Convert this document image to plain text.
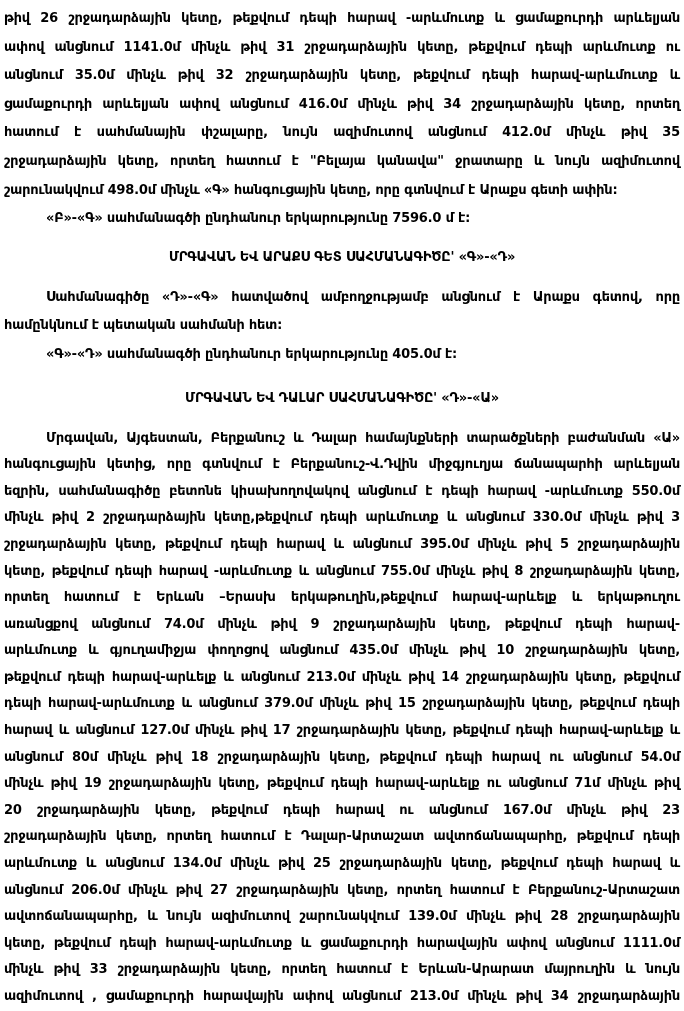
թիվ 26 շրջադարձային կետը, թեքվում դեպի հարավ -արևմուտք և ցամաքուրդի արևելյան
ափով անցնում 1141.0մ մինչև թիվ 31 շրջադարձային կետը, թեքվում դեպի արևմուտք ու
անցնում 35.0մ մինչև թիվ 32 շրջադարձային կետը, թեքվում դեպի հարավ-արևմուտք և
ցամաքուրդի արևելյան ափով անցնում 416.0մ մինչև թիվ 34 շրջադարձային կետը, որտեղ
հատում է սահմանային փշալարը, նույն ազիմուտով անցնում 412.0մ մինչև թիվ 35
շրջադարձային կետը, որտեղ հատում է "Բելայա կանավա" ջրատարը և նույն ազիմուտով
շարունակվում 498.0մ մինչև «Գ» հանգուցային կետը, որը գտնվում է Արաքս գետի ափին:
«Բ»-«Գ» սահմանագծի ընդհանուր երկարությունը 7596.0 մ է:
ՄՐԳԱՎԱՆ ԵՎ ԱՐԱՔՍ ԳԵՏ ՍԱՀՄԱՆԱԳԻԾԸ' «Գ»-«Դ»
Սահմանագիծը «Դ»-«Գ» հատվածով ամբողջությամբ անցնում է Արաքս գետով, որը
համընկնում է պետական սահմանի հետ:
«Գ»-«Դ» սահմանագծի ընդհանուր երկարությունը 405.0մ է:
ՄՐԳԱՎԱՆ ԵՎ ԴԱԼԱՐ ՍԱՀՄԱՆԱԳԻԾԸ' «Դ»-«Ա»
Մրգավան, Այգեստան, Բերքանուշ և Դալար համայնքների տարածքների բաժանման «Ա»
հանգուցային կետից, որը գտնվում է Բերքանուշ-Վ.Դվին միջգյուղյա ճանապարհի արևելյան
եզրին, սահմանագիծը բետոնե կիսախողովակով անցնում է դեպի հարավ -արևմուտք 550.0մ
մինչև թիվ 2 շրջադարձային կետը,թեքվում դեպի արևմուտք և անցնում 330.0մ մինչև թիվ 3
շրջադարձային կետը, թեքվում դեպի հարավ և անցնում 395.0մ մինչև թիվ 5 շրջադարձային
կետը, թեքվում դեպի հարավ -արևմուտք և անցնում 755.0մ մինչև թիվ 8 շրջադարձային կետը,
որտեղ հատում է Երևան –Երասխ երկաթուղին,թեքվում հարավ-արևելք և երկաթուղու
առանցքով անցնում 74.0մ մինչև թիվ 9 շրջադարձային կետը, թեքվում դեպի հարավ-
արևմուտք և գյուղամիջյա փողոցով անցնում 435.0մ մինչև թիվ 10 շրջադարձային կետը,
թեքվում դեպի հարավ-արևելք և անցնում 213.0մ մինչև թիվ 14 շրջադարձային կետը, թեքվում
դեպի հարավ-արևմուտք և անցնում 379.0մ մինչև թիվ 15 շրջադարձային կետը, թեքվում դեպի
հարավ և անցնում 127.0մ մինչև թիվ 17 շրջադարձային կետը, թեքվում դեպի հարավ-արևելք և
անցնում 80մ մինչև թիվ 18 շրջադարձային կետը, թեքվում դեպի հարավ ու անցնում 54.0մ
մինչև թիվ 19 շրջադարձային կետը, թեքվում դեպի հարավ-արևելք ու անցնում 71մ մինչև թիվ
20 շրջադարձային կետը, թեքվում դեպի հարավ ու անցնում 167.0մ մինչև թիվ 23
շրջադարձային կետը, որտեղ հատում է Դալար-Արտաշատ ավտոճանապարհը, թեքվում դեպի
արևմուտք և անցնում 134.0մ մինչև թիվ 25 շրջադարձային կետը, թեքվում դեպի հարավ և
անցնում 206.0մ մինչև թիվ 27 շրջադարձային կետը, որտեղ հատում է Բերքանուշ-Արտաշատ
ավտոճանապարհը, և նույն ազիմուտով շարունակվում 139.0մ մինչև թիվ 28 շրջադարձային
կետը, թեքվում դեպի հարավ-արևմուտք և ցամաքուրդի հարավային ափով անցնում 1111.0մ
մինչև թիվ 33 շրջադարձային կետը, որտեղ հատում է Երևան-Արարատ մայրուղին և նույն
ազիմուտով , ցամաքուրդի հարավային ափով անցնում 213.0մ մինչև թիվ 34 շրջադարձային
